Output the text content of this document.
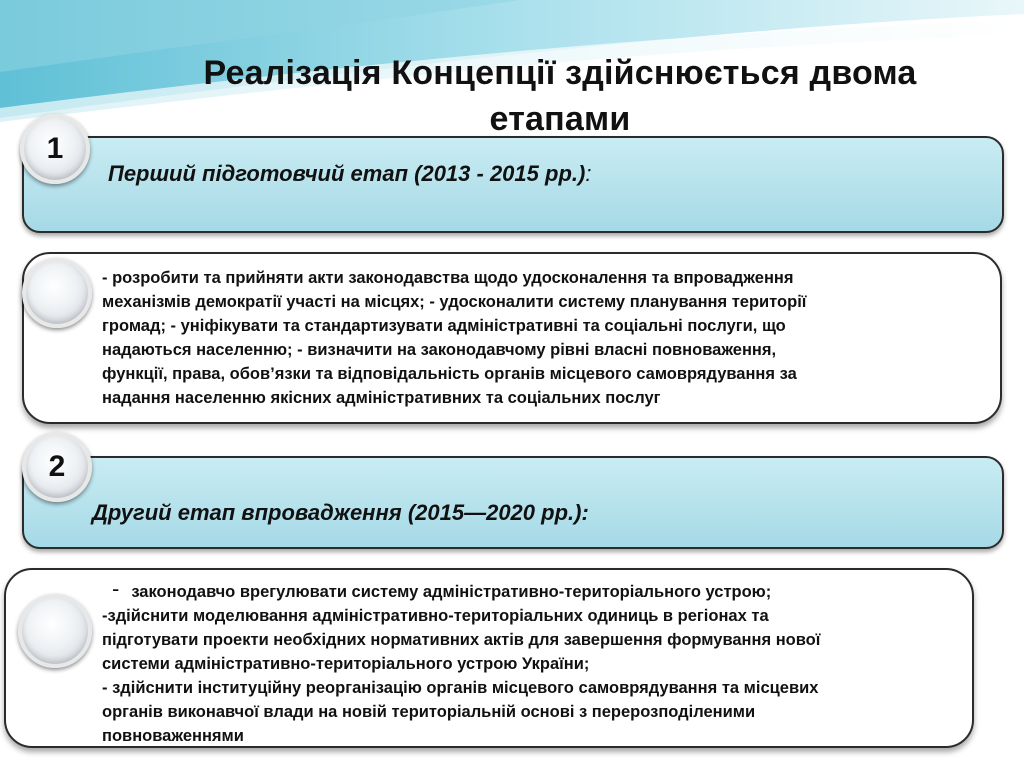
Реалізація Концепції здійснюється двома етапами
Перший підготовчий етап (2013 - 2015 рр.):
1
- розробити та прийняти акти законодавства щодо удосконалення та впровадження
механізмів демократії участі на місцях; - удосконалити систему планування території
громад; - уніфікувати та стандартизувати адміністративні та соціальні послуги, що
надаються населенню; - визначити на законодавчому рівні власні повноваження,
функції, права, обов’язки та відповідальність органів місцевого самоврядування за
надання населенню якісних адміністративних та соціальних послуг
Другий етап впровадження (2015—2020 рр.):
2
- законодавчо врегулювати систему адміністративно-територіального устрою;
-здійснити моделювання адміністративно-територіальних одиниць в регіонах та
підготувати проекти необхідних нормативних актів для завершення формування нової
системи адміністративно-територіального устрою України;
- здійснити інституційну реорганізацію органів місцевого самоврядування та місцевих
органів виконавчої влади на новій територіальній основі з перерозподіленими
повноваженнями
